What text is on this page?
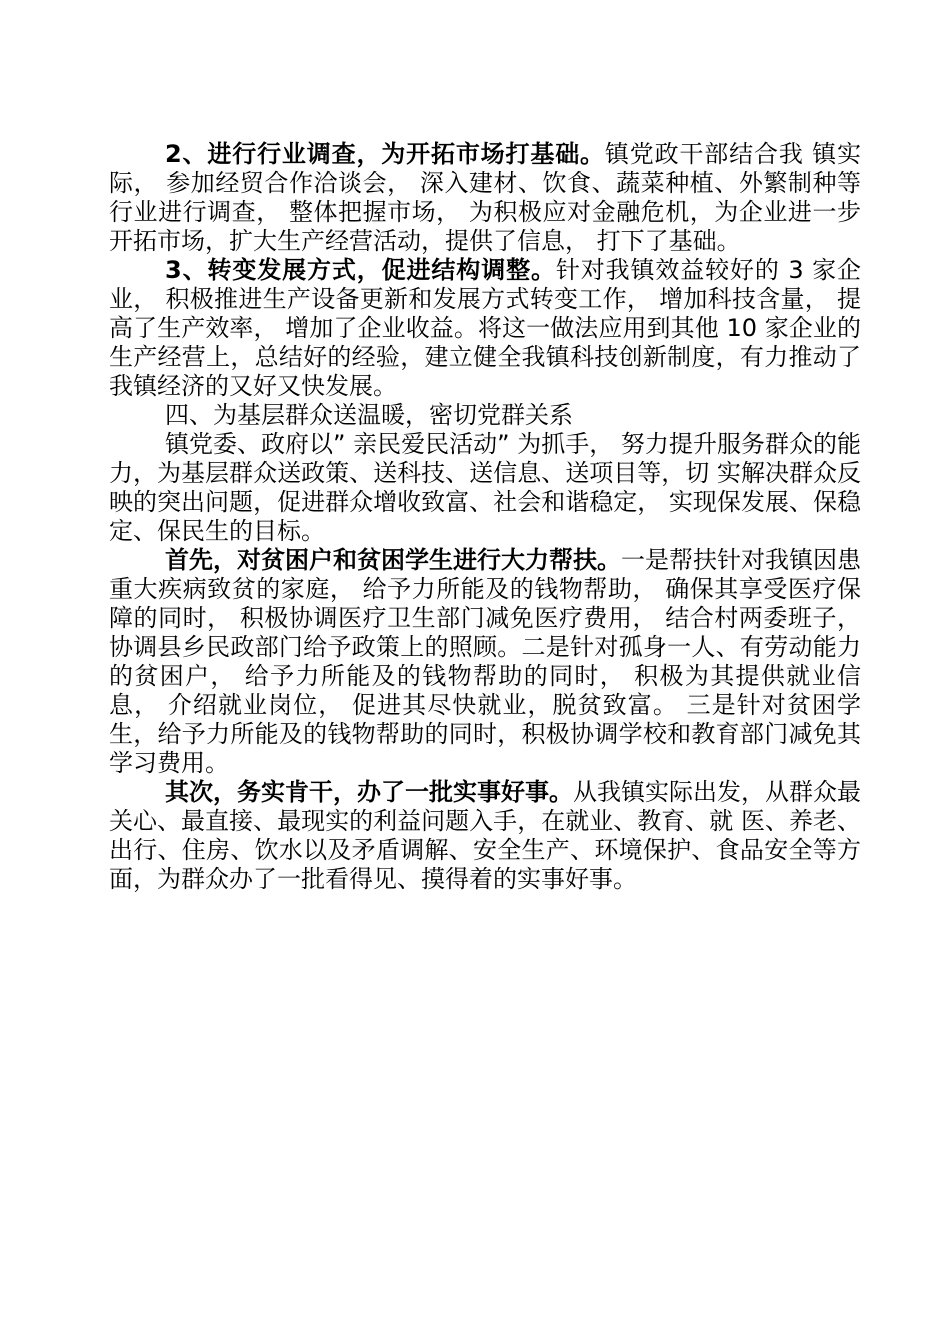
2、进行行业调查，为开拓市场打基础。镇党政干部结合我 镇实际， 参加经贸合作洽谈会， 深入建材、饮食、蔬菜种植、外繁制种等行业进行调查， 整体把握市场， 为积极应对金融危机，为企业进一步开拓市场，扩大生产经营活动，提供了信息， 打下了基础。

3、转变发展方式，促进结构调整。针对我镇效益较好的 3 家企业， 积极推进生产设备更新和发展方式转变工作， 增加科技含量， 提高了生产效率， 增加了企业收益。将这一做法应用到其他 10 家企业的生产经营上，总结好的经验，建立健全我镇科技创新制度，有力推动了我镇经济的又好又快发展。

四、为基层群众送温暖，密切党群关系

镇党委、政府以” 亲民爱民活动” 为抓手， 努力提升服务群众的能力，为基层群众送政策、送科技、送信息、送项目等，切 实解决群众反映的突出问题，促进群众增收致富、社会和谐稳定， 实现保发展、保稳定、保民生的目标。

首先，对贫困户和贫困学生进行大力帮扶。一是帮扶针对我镇因患重大疾病致贫的家庭， 给予力所能及的钱物帮助， 确保其享受医疗保障的同时， 积极协调医疗卫生部门减免医疗费用， 结合村两委班子， 协调县乡民政部门给予政策上的照顾。二是针对孤身一人、有劳动能力的贫困户， 给予力所能及的钱物帮助的同时， 积极为其提供就业信息， 介绍就业岗位， 促进其尽快就业，脱贫致富。 三是针对贫困学生，给予力所能及的钱物帮助的同时，积极协调学校和教育部门减免其学习费用。

其次，务实肯干，办了一批实事好事。从我镇实际出发，从群众最关心、最直接、最现实的利益问题入手，在就业、教育、就 医、养老、出行、住房、饮水以及矛盾调解、安全生产、环境保护、食品安全等方面，为群众办了一批看得见、摸得着的实事好事。
